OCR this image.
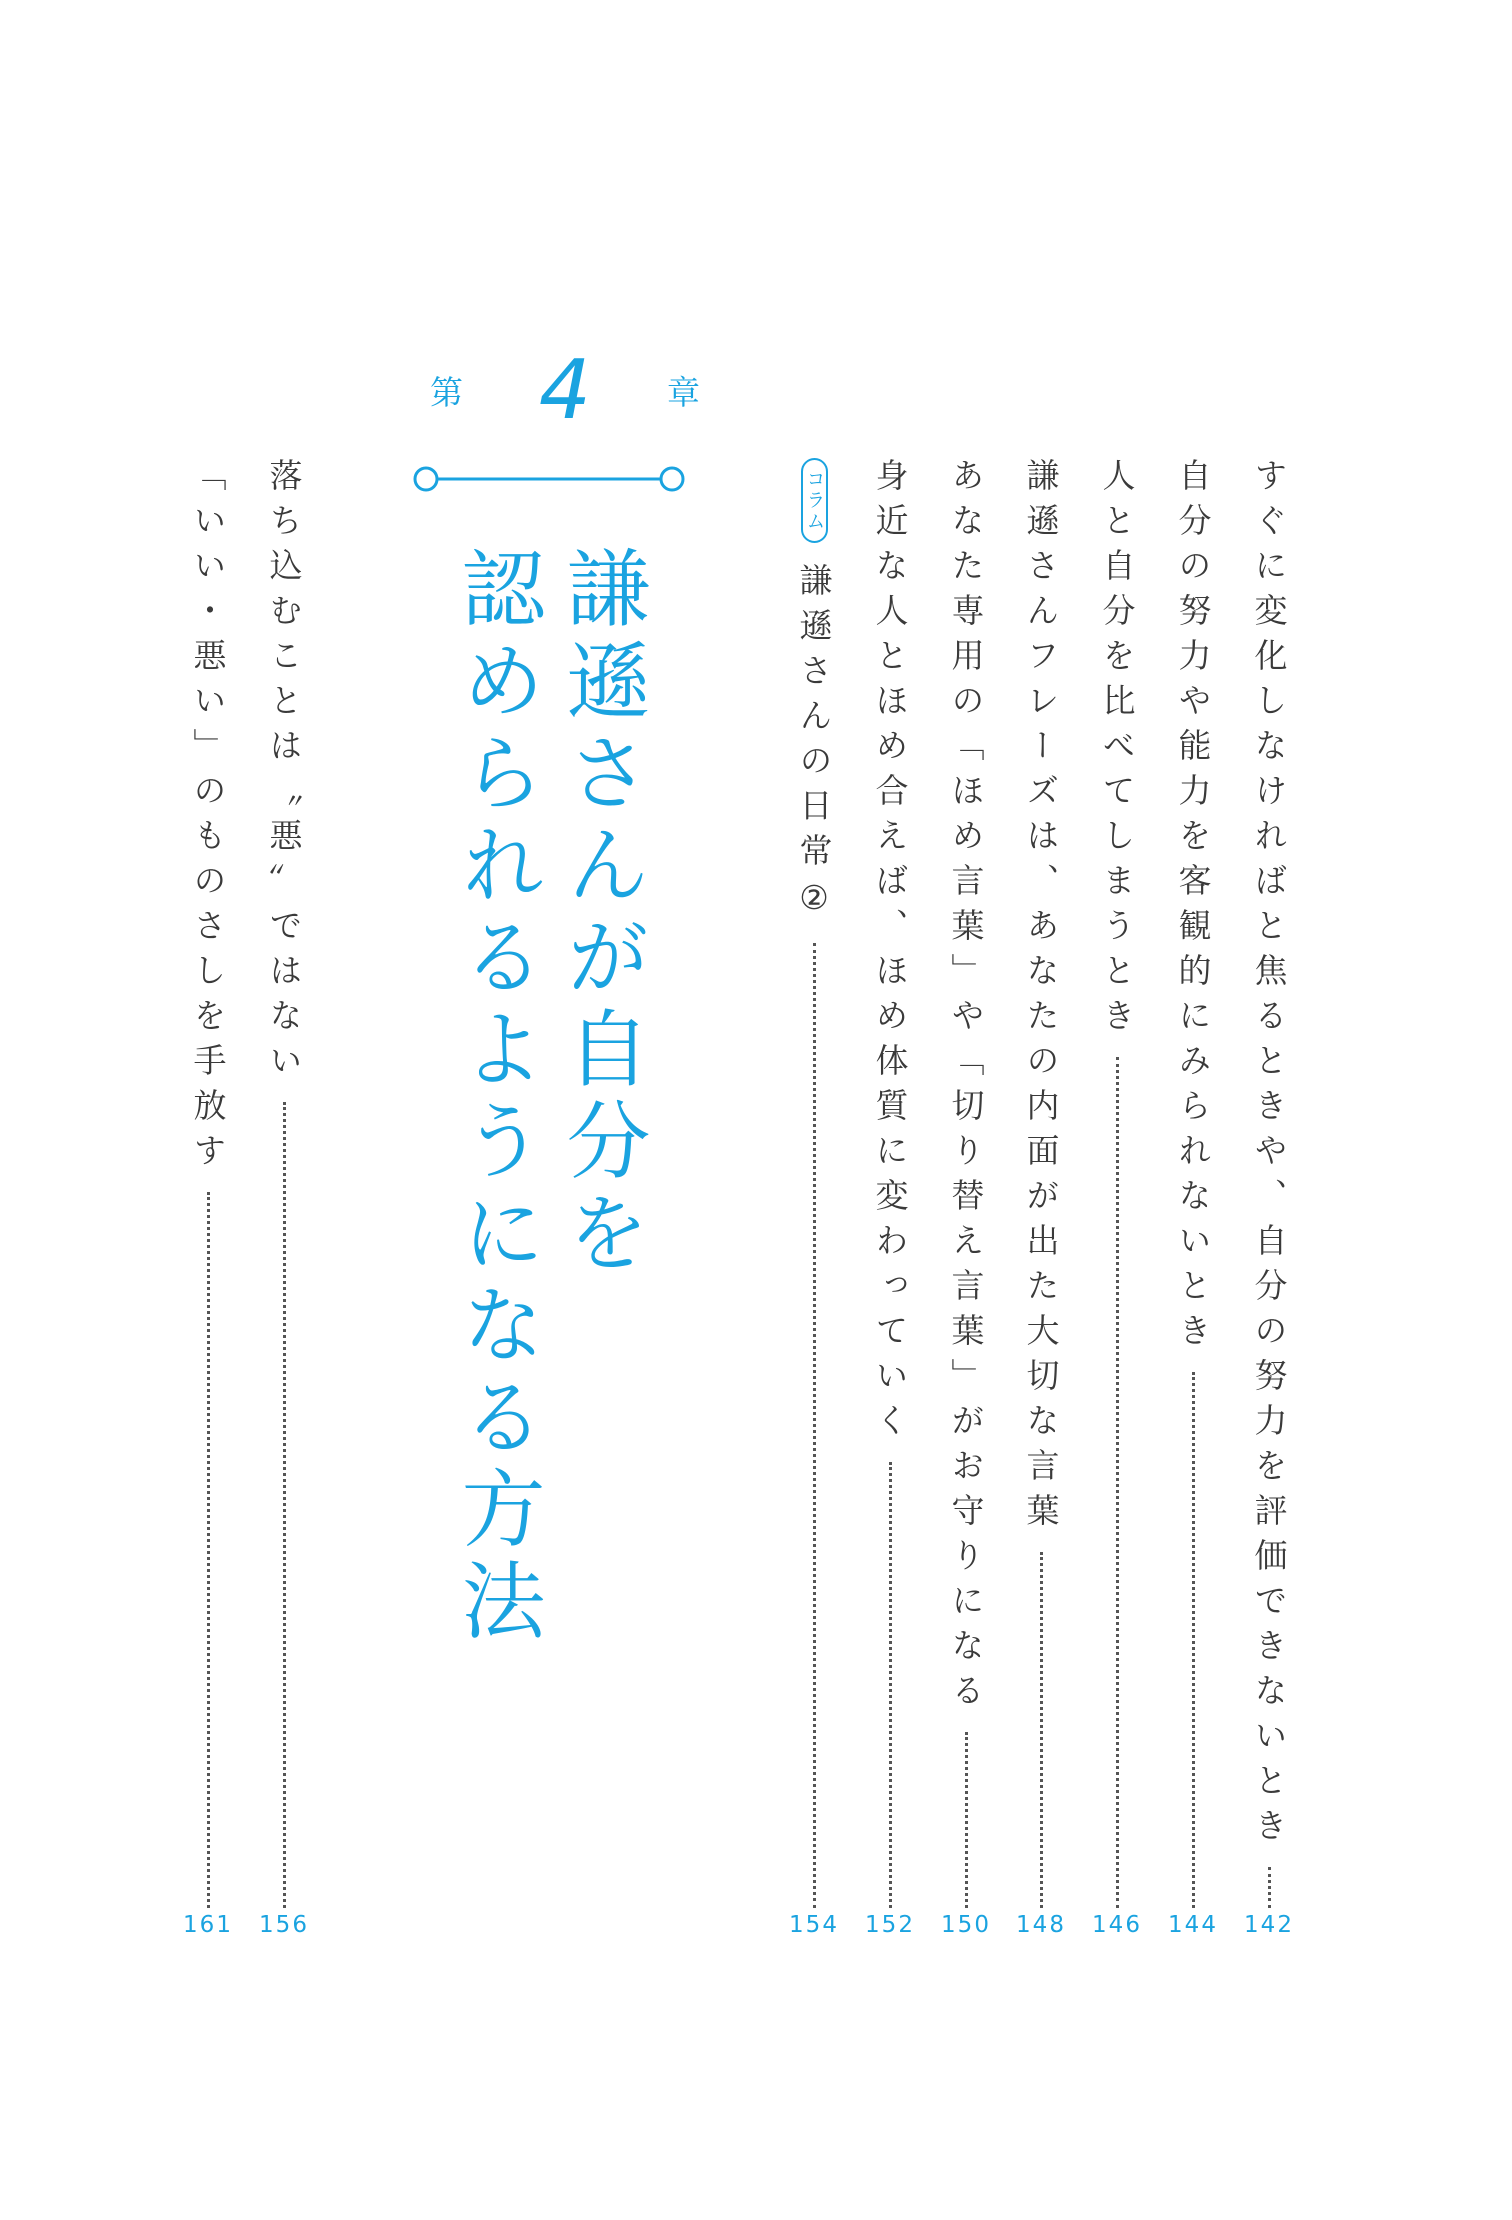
すぐに変化しなければと焦るときや、自分の努力を評価できないとき
142
自分の努力や能力を客観的にみられないとき
144
人と自分を比べてしまうとき
146
謙遜さんフレーズは、あなたの内面が出た大切な言葉
148
あなた専用の「ほめ言葉」や「切り替え言葉」がお守りになる
150
身近な人とほめ合えば、ほめ体質に変わっていく
152
コラム
謙遜さんの日常②
154
第 4 章
謙遜さんが自分を
認められるようになる方法
落ち込むことは〝悪〟ではない
156
「いい・悪い」のものさしを手放す
161
